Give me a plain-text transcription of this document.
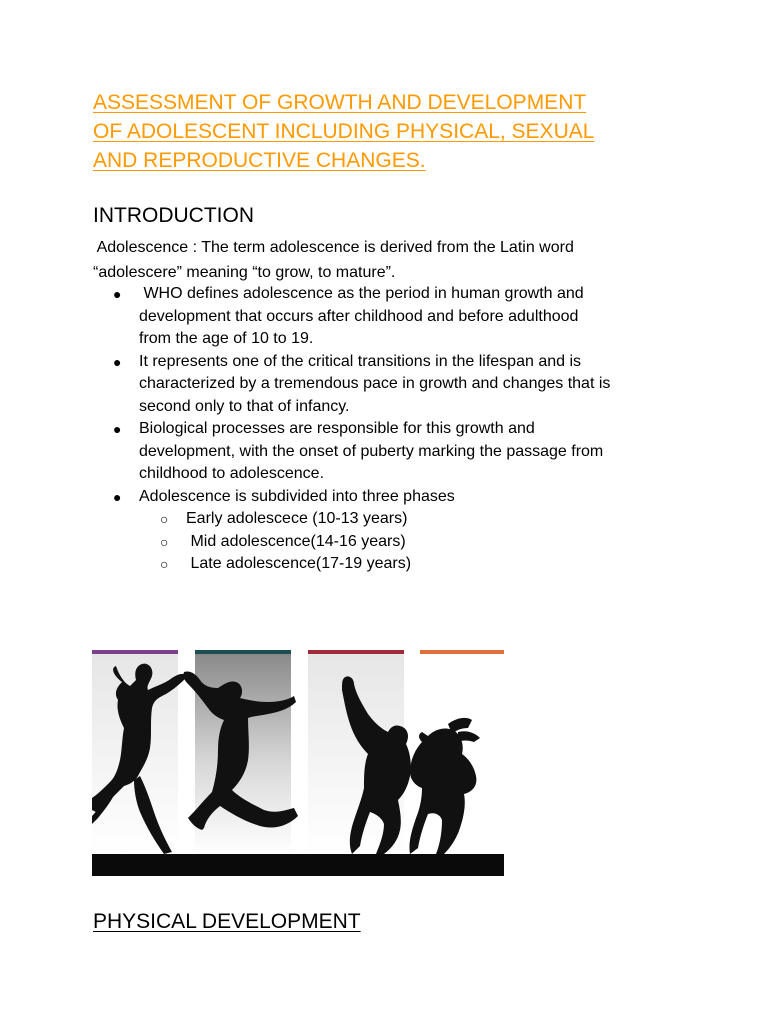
ASSESSMENT OF GROWTH AND DEVELOPMENT
OF ADOLESCENT INCLUDING PHYSICAL, SEXUAL
AND REPRODUCTIVE CHANGES.
INTRODUCTION

Adolescence : The term adolescence is derived from the Latin word
“adolescere” meaning “to grow, to mature”.

● WHO defines adolescence as the period in human growth and
development that occurs after childhood and before adulthood
from the age of 10 to 19.
● It represents one of the critical transitions in the lifespan and is
characterized by a tremendous pace in growth and changes that is
second only to that of infancy.
● Biological processes are responsible for this growth and
development, with the onset of puberty marking the passage from
childhood to adolescence.
● Adolescence is subdivided into three phases
○ Early adolescece (10-13 years)
○ Mid adolescence(14-16 years)
○ Late adolescence(17-19 years)
PHYSICAL DEVELOPMENT
